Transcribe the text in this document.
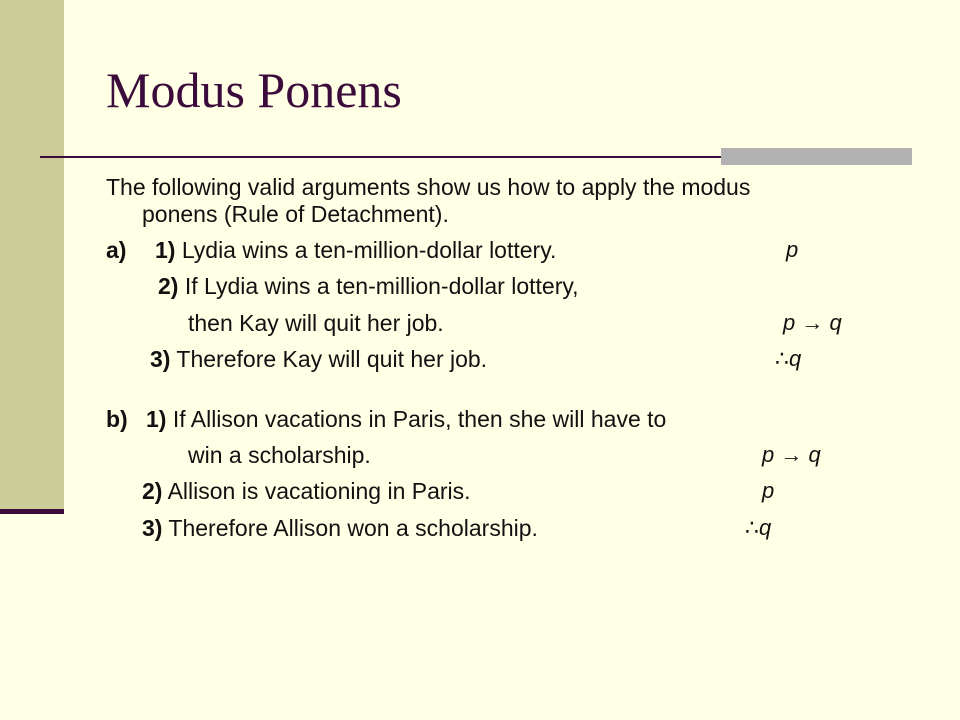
Modus Ponens
The following valid arguments show us how to apply the modus
ponens (Rule of Detachment).
a) 1) Lydia wins a ten-million-dollar lottery.	p
2) If Lydia wins a ten-million-dollar lottery,
then Kay will quit her job.	p → q
3) Therefore Kay will quit her job.	∴q
b) 1) If Allison vacations in Paris, then she will have to
win a scholarship.	p → q
2) Allison is vacationing in Paris.	p
3) Therefore Allison won a scholarship.	∴q
